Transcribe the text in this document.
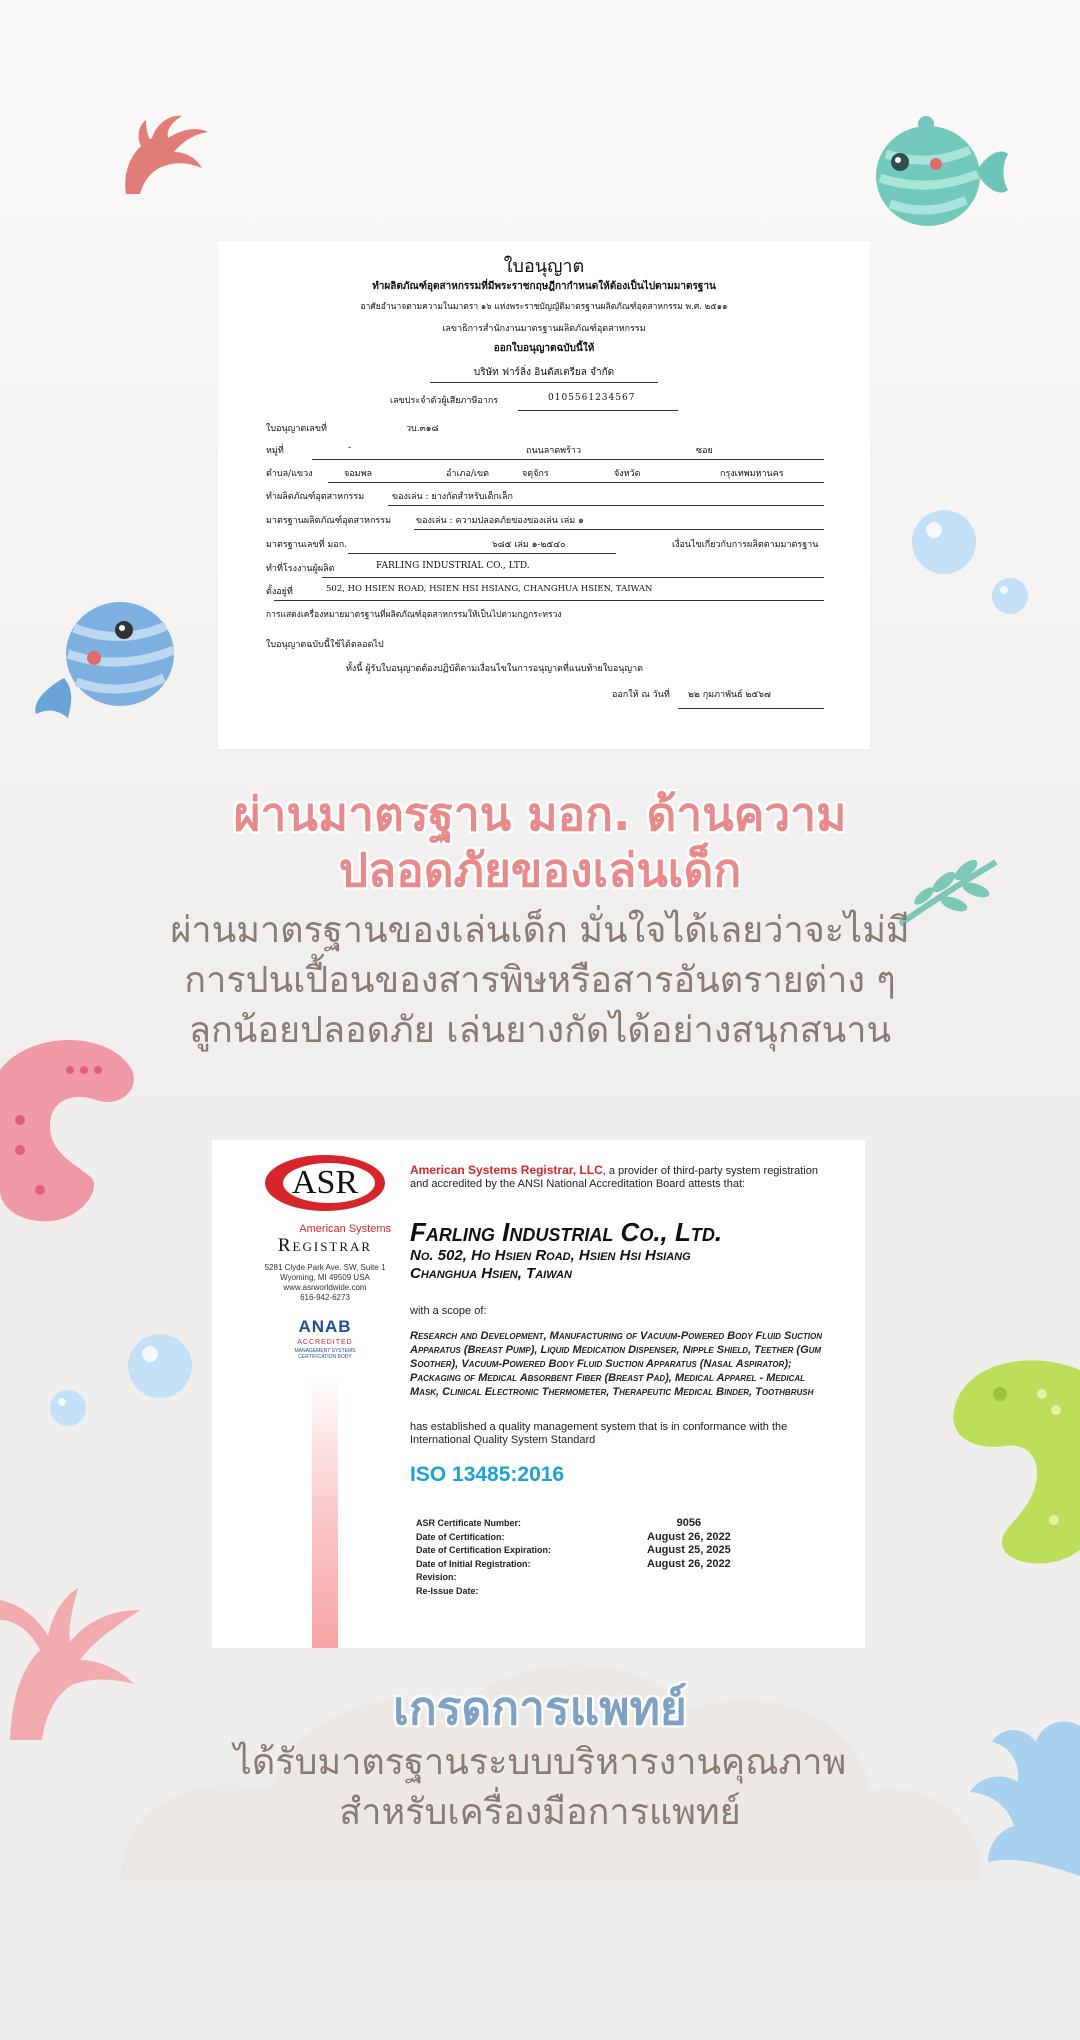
ใบอนุญาต
ทำผลิตภัณฑ์อุตสาหกรรมที่มีพระราชกฤษฎีกากำหนดให้ต้องเป็นไปตามมาตรฐาน
อาศัยอำนาจตามความในมาตรา ๑๖ แห่งพระราชบัญญัติมาตรฐานผลิตภัณฑ์อุตสาหกรรม พ.ศ. ๒๕๑๑
เลขาธิการสำนักงานมาตรฐานผลิตภัณฑ์อุตสาหกรรม
ออกใบอนุญาตฉบับนี้ให้
บริษัท ฟาร์ลิ่ง อินดัสเตรียล จำกัด
เลขประจำตัวผู้เสียภาษีอากร	0105561234567
ใบอนุญาตเลขที่	วบ.๓๑๘
หมู่ที่	-	ถนนลาดพร้าว	ซอย
ตำบล/แขวง	จอมพล	อำเภอ/เขต	จตุจักร	จังหวัด	กรุงเทพมหานคร
ทำผลิตภัณฑ์อุตสาหกรรม	ของเล่น : ยางกัดสำหรับเด็กเล็ก
มาตรฐานผลิตภัณฑ์อุตสาหกรรม	ของเล่น : ความปลอดภัยของของเล่น เล่ม ๑
มาตรฐานเลขที่ มอก.	๖๘๕ เล่ม ๑-๒๕๔๐	เงื่อนไขเกี่ยวกับการผลิตตามมาตรฐาน
ทำที่โรงงานผู้ผลิต	FARLING INDUSTRIAL CO., LTD.
ตั้งอยู่ที่	502, HO HSIEN ROAD, HSIEN HSI HSIANG, CHANGHUA HSIEN, TAIWAN
การแสดงเครื่องหมายมาตรฐานที่ผลิตภัณฑ์อุตสาหกรรมให้เป็นไปตามกฎกระทรวง
ใบอนุญาตฉบับนี้ใช้ได้ตลอดไป
ทั้งนี้ ผู้รับใบอนุญาตต้องปฏิบัติตามเงื่อนไขในการอนุญาตที่แนบท้ายใบอนุญาต
ออกให้ ณ วันที่ ๒๒ กุมภาพันธ์ ๒๕๖๗
ผ่านมาตรฐาน มอก. ด้านความ
ปลอดภัยของเล่นเด็ก
ผ่านมาตรฐานของเล่นเด็ก มั่นใจได้เลยว่าจะไม่มี
การปนเปื้อนของสารพิษหรือสารอันตรายต่าง ๆ
ลูกน้อยปลอดภัย เล่นยางกัดได้อย่างสนุกสนาน
ASR
American Systems
Registrar
5281 Clyde Park Ave. SW, Suite 1
Wyoming, MI 49509 USA
www.asrworldwide.com
616-942-6273
ANAB
ACCREDITED
MANAGEMENT SYSTEMS CERTIFICATION BODY
American Systems Registrar, LLC, a provider of third-party system registration and accredited by the ANSI National Accreditation Board attests that:
Farling Industrial Co., Ltd.
No. 502, Ho Hsien Road, Hsien Hsi Hsiang
Changhua Hsien, Taiwan
with a scope of:
Research and Development, Manufacturing of Vacuum-Powered Body Fluid Suction Apparatus (Breast Pump), Liquid Medication Dispenser, Nipple Shield, Teether (Gum Soother), Vacuum-Powered Body Fluid Suction Apparatus (Nasal Aspirator); Packaging of Medical Absorbent Fiber (Breast Pad), Medical Apparel - Medical Mask, Clinical Electronic Thermometer, Therapeutic Medical Binder, Toothbrush
has established a quality management system that is in conformance with the International Quality System Standard
ISO 13485:2016
ASR Certificate Number:	9056
Date of Certification:	August 26, 2022
Date of Certification Expiration:	August 25, 2025
Date of Initial Registration:	August 26, 2022
Revision:	
Re-Issue Date:	
เกรดการแพทย์
ได้รับมาตรฐานระบบบริหารงานคุณภาพ
สำหรับเครื่องมือการแพทย์
